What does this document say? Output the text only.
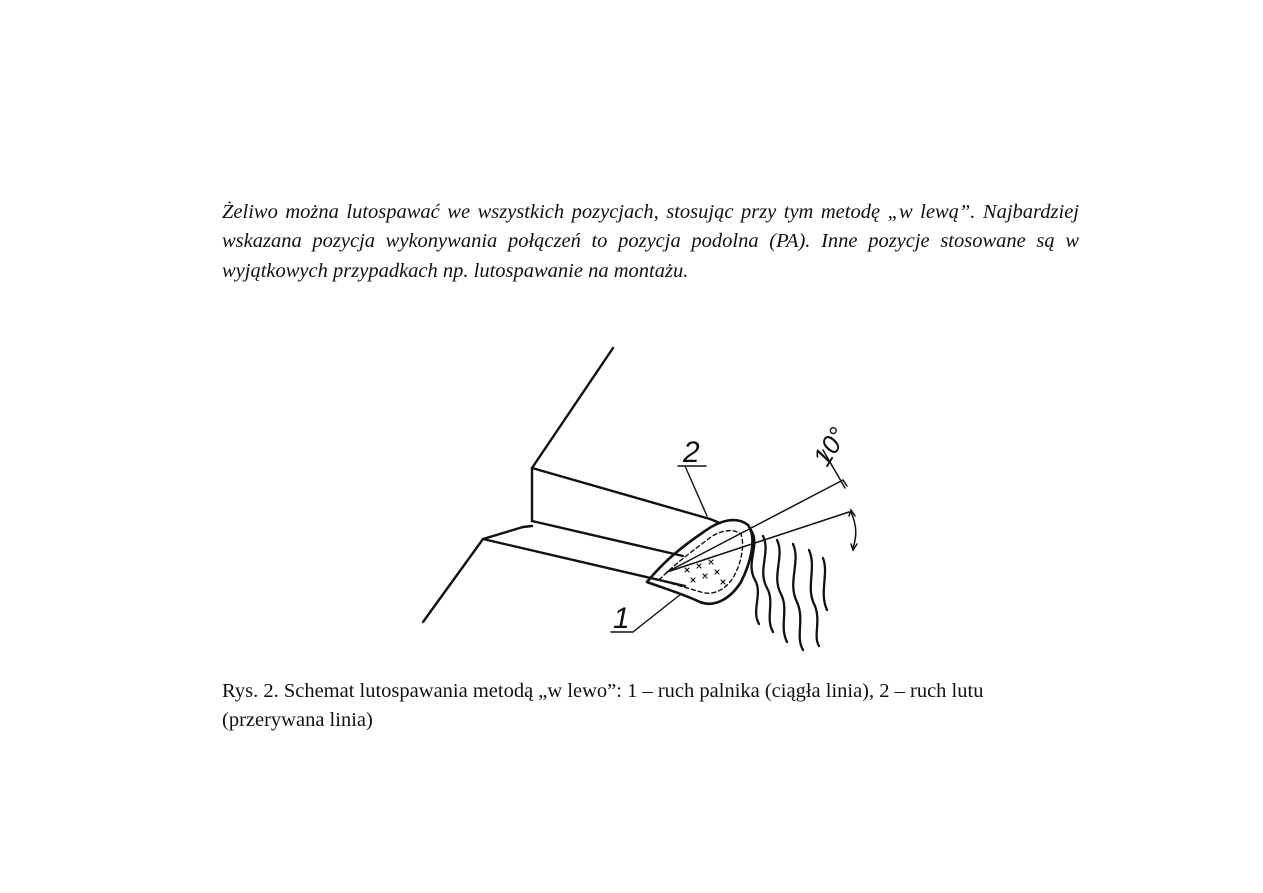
Żeliwo można lutospawać we wszystkich pozycjach, stosując przy tym metodę „w lewą”. Najbardziej wskazana pozycja wykonywania połączeń to pozycja podolna (PA). Inne pozycje stosowane są w wyjątkowych przypadkach np. lutospawanie na montażu.

2
1
10°

Rys. 2. Schemat lutospawania metodą „w lewo”: 1 – ruch palnika (ciągła linia), 2 – ruch lutu (przerywana linia)
